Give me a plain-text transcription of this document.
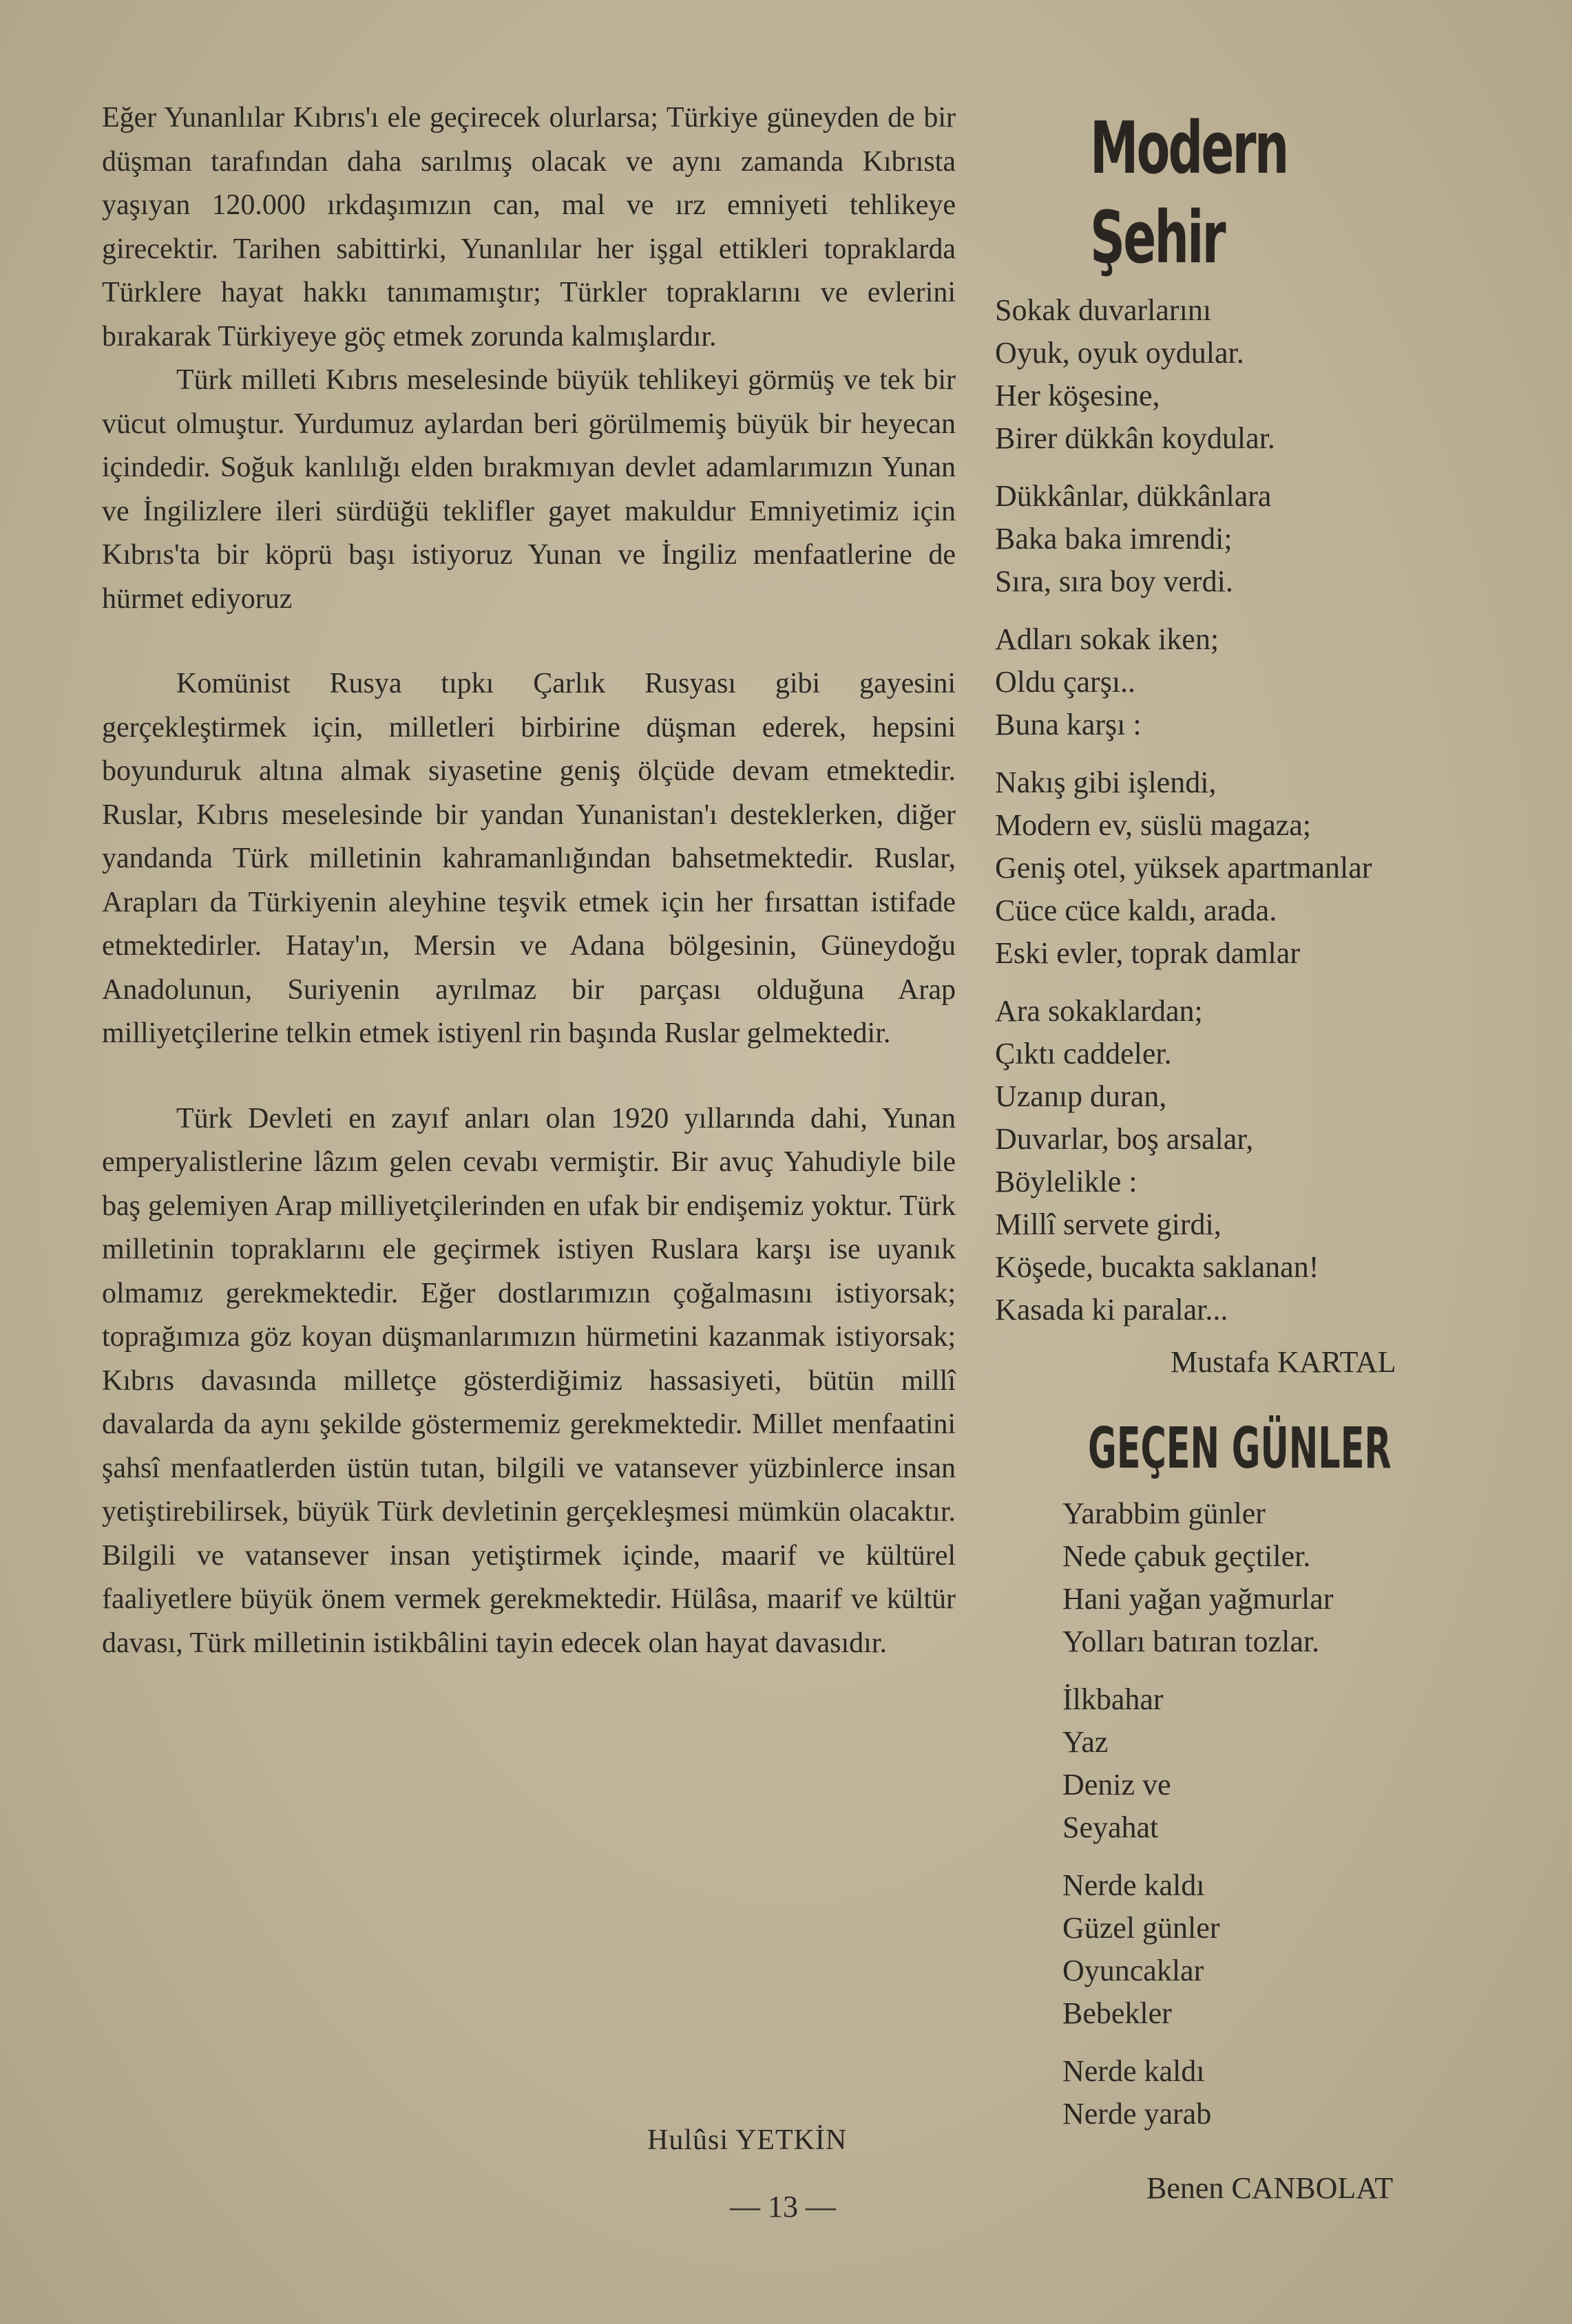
Eğer Yunanlılar Kıbrıs'ı ele geçirecek olurlarsa; Türkiye güneyden de bir düşman tarafından daha sarılmış olacak ve aynı zamanda Kıbrısta yaşıyan 120.000 ırkdaşımızın can, mal ve ırz emniyeti tehlikeye girecektir. Tarihen sabittirki, Yunanlılar her işgal ettikleri topraklarda Türklere hayat hakkı tanımamıştır; Türkler topraklarını ve evlerini bırakarak Türkiyeye göç etmek zorunda kalmışlardır.

Türk milleti Kıbrıs meselesinde büyük tehlikeyi görmüş ve tek bir vücut olmuştur. Yurdumuz aylardan beri görülmemiş büyük bir heyecan içindedir. Soğuk kanlılığı elden bırakmıyan devlet adamlarımızın Yunan ve İngilizlere ileri sürdüğü teklifler gayet makuldur Emniyetimiz için Kıbrıs'ta bir köprü başı istiyoruz Yunan ve İngiliz menfaatlerine de hürmet ediyoruz

Komünist Rusya tıpkı Çarlık Rusyası gibi gayesini gerçekleştirmek için, milletleri birbirine düşman ederek, hepsini boyunduruk altına almak siyasetine geniş ölçüde devam etmektedir. Ruslar, Kıbrıs meselesinde bir yandan Yunanistan'ı desteklerken, diğer yandanda Türk milletinin kahramanlığından bahsetmektedir. Ruslar, Arapları da Türkiyenin aleyhine teşvik etmek için her fırsattan istifade etmektedirler. Hatay'ın, Mersin ve Adana bölgesinin, Güneydoğu Anadolunun, Suriyenin ayrılmaz bir parçası olduğuna Arap milliyetçilerine telkin etmek istiyenl rin başında Ruslar gelmektedir.

Türk Devleti en zayıf anları olan 1920 yıllarında dahi, Yunan emperyalistlerine lâzım gelen cevabı vermiştir. Bir avuç Yahudiyle bile baş gelemiyen Arap milliyetçilerinden en ufak bir endişemiz yoktur. Türk milletinin topraklarını ele geçirmek istiyen Ruslara karşı ise uyanık olmamız gerekmektedir. Eğer dostlarımızın çoğalmasını istiyorsak; toprağımıza göz koyan düşmanlarımızın hürmetini kazanmak istiyorsak; Kıbrıs davasında milletçe gösterdiğimiz hassasiyeti, bütün millî davalarda da aynı şekilde göstermemiz gerekmektedir. Millet menfaatini şahsî menfaatlerden üstün tutan, bilgili ve vatansever yüzbinlerce insan yetiştirebilirsek, büyük Türk devletinin gerçekleşmesi mümkün olacaktır. Bilgili ve vatansever insan yetiştirmek içinde, maarif ve kültürel faaliyetlere büyük önem vermek gerekmektedir. Hülâsa, maarif ve kültür davası, Türk milletinin istikbâlini tayin edecek olan hayat davasıdır.

Hulûsi YETKİN
— 13 —
Modern Şehir
Sokak duvarlarını
Oyuk, oyuk oydular.
Her köşesine,
Birer dükkân koydular.
Dükkânlar, dükkânlara
Baka baka imrendi;
Sıra, sıra boy verdi.
Adları sokak iken;
Oldu çarşı..
Buna karşı :
Nakış gibi işlendi,
Modern ev, süslü magaza;
Geniş otel, yüksek apartmanlar
Cüce cüce kaldı, arada.
Eski evler, toprak damlar
Ara sokaklardan;
Çıktı caddeler.
Uzanıp duran,
Duvarlar, boş arsalar,
Böylelikle :
Millî servete girdi,
Köşede, bucakta saklanan!
Kasada ki paralar...
Mustafa KARTAL
GEÇEN GÜNLER
Yarabbim günler
Nede çabuk geçtiler.
Hani yağan yağmurlar
Yolları batıran tozlar.
İlkbahar
Yaz
Deniz ve
Seyahat
Nerde kaldı
Güzel günler
Oyuncaklar
Bebekler
Nerde kaldı
Nerde yarab
Benen CANBOLAT
